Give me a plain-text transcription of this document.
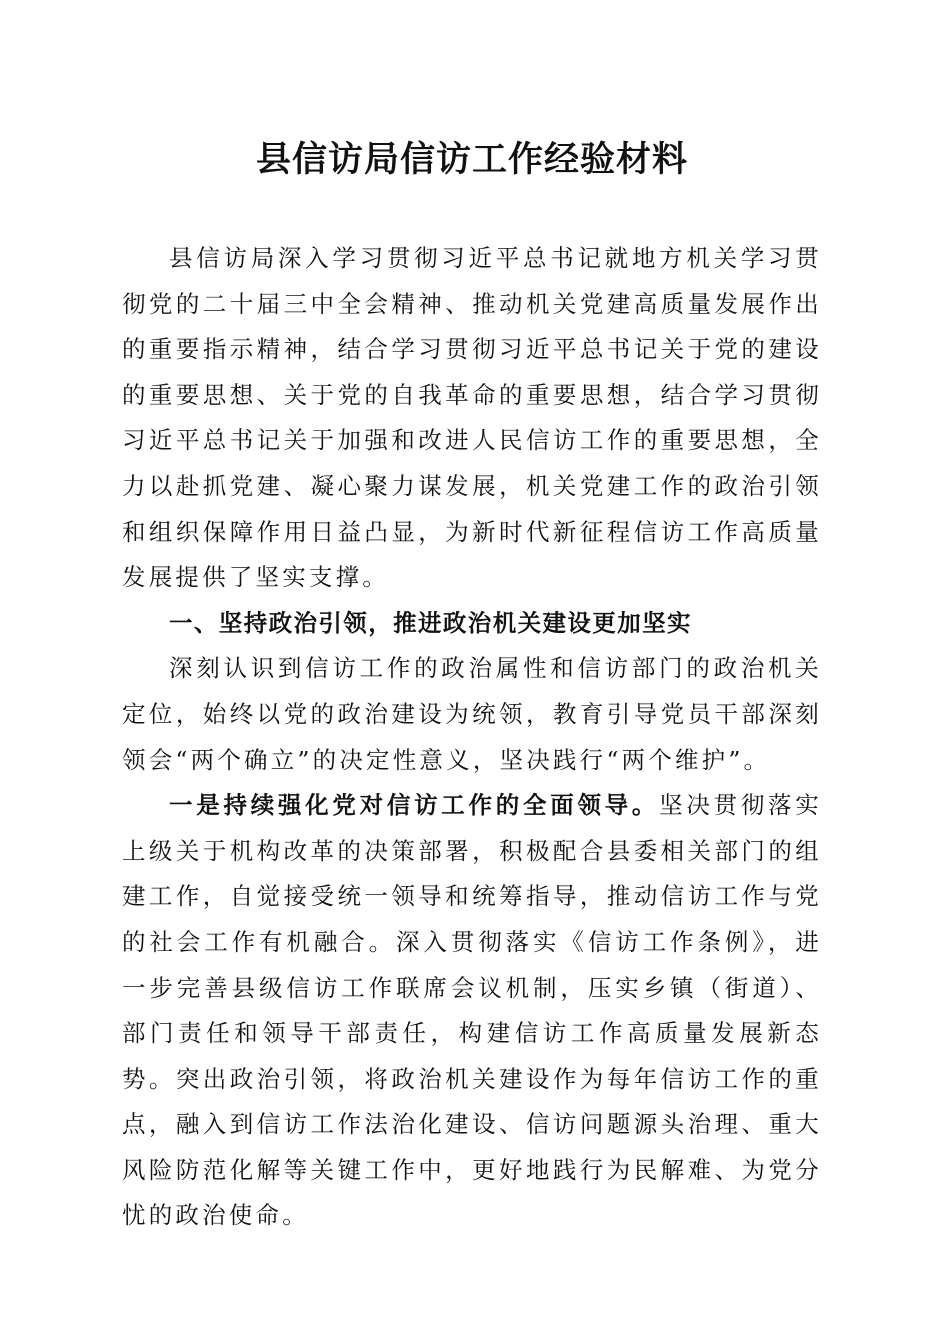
县信访局信访工作经验材料

县信访局深入学习贯彻习近平总书记就地方机关学习贯彻党的二十届三中全会精神、推动机关党建高质量发展作出的重要指示精神，结合学习贯彻习近平总书记关于党的建设的重要思想、关于党的自我革命的重要思想，结合学习贯彻习近平总书记关于加强和改进人民信访工作的重要思想，全力以赴抓党建、凝心聚力谋发展，机关党建工作的政治引领和组织保障作用日益凸显，为新时代新征程信访工作高质量发展提供了坚实支撑。

一、坚持政治引领，推进政治机关建设更加坚实

深刻认识到信访工作的政治属性和信访部门的政治机关定位，始终以党的政治建设为统领，教育引导党员干部深刻领会“两个确立”的决定性意义，坚决践行“两个维护”。

一是持续强化党对信访工作的全面领导。坚决贯彻落实上级关于机构改革的决策部署，积极配合县委相关部门的组建工作，自觉接受统一领导和统筹指导，推动信访工作与党的社会工作有机融合。深入贯彻落实《信访工作条例》，进一步完善县级信访工作联席会议机制，压实乡镇（街道）、部门责任和领导干部责任，构建信访工作高质量发展新态势。突出政治引领，将政治机关建设作为每年信访工作的重点，融入到信访工作法治化建设、信访问题源头治理、重大风险防范化解等关键工作中，更好地践行为民解难、为党分忧的政治使命。
